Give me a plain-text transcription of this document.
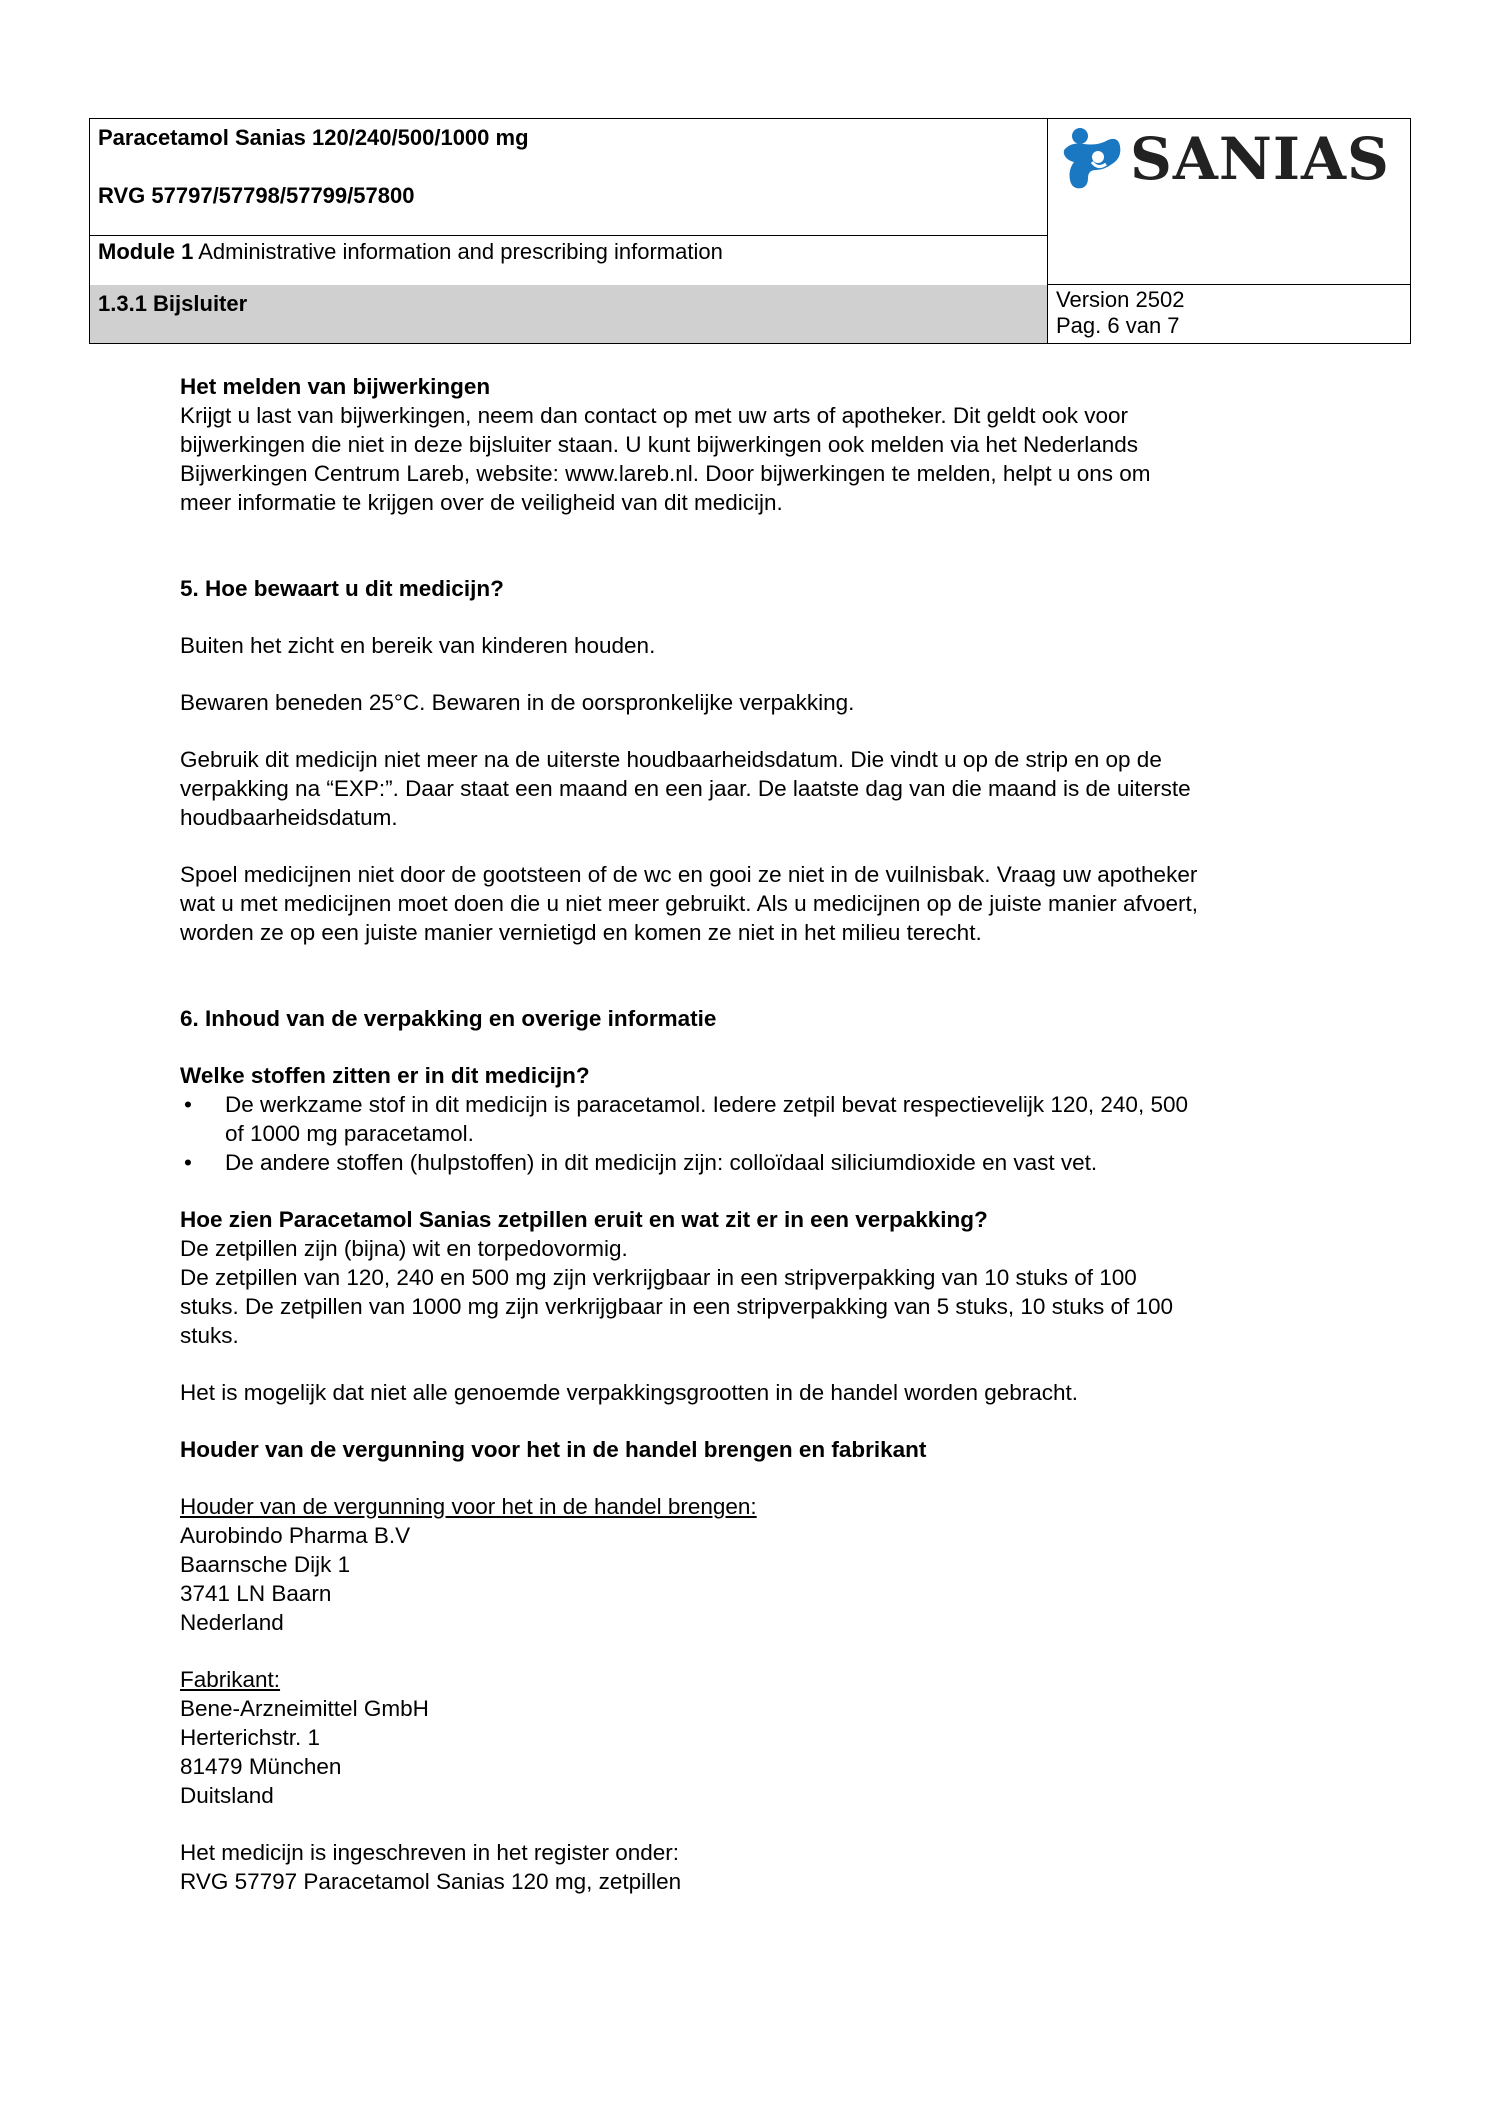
Paracetamol Sanias 120/240/500/1000 mg
RVG 57797/57798/57799/57800
Module 1 Administrative information and prescribing information
SANIAS
1.3.1 Bijsluiter	Version 2502
Pag. 6 van 7

Het melden van bijwerkingen

Krijgt u last van bijwerkingen, neem dan contact op met uw arts of apotheker. Dit geldt ook voor

bijwerkingen die niet in deze bijsluiter staan. U kunt bijwerkingen ook melden via het Nederlands

Bijwerkingen Centrum Lareb, website: www.lareb.nl. Door bijwerkingen te melden, helpt u ons om

meer informatie te krijgen over de veiligheid van dit medicijn.

5. Hoe bewaart u dit medicijn?

Buiten het zicht en bereik van kinderen houden.

Bewaren beneden 25°C. Bewaren in de oorspronkelijke verpakking.

Gebruik dit medicijn niet meer na de uiterste houdbaarheidsdatum. Die vindt u op de strip en op de

verpakking na “EXP:”. Daar staat een maand en een jaar. De laatste dag van die maand is de uiterste

houdbaarheidsdatum.

Spoel medicijnen niet door de gootsteen of de wc en gooi ze niet in de vuilnisbak. Vraag uw apotheker

wat u met medicijnen moet doen die u niet meer gebruikt. Als u medicijnen op de juiste manier afvoert,

worden ze op een juiste manier vernietigd en komen ze niet in het milieu terecht.

6. Inhoud van de verpakking en overige informatie

Welke stoffen zitten er in dit medicijn?

• De werkzame stof in dit medicijn is paracetamol. Iedere zetpil bevat respectievelijk 120, 240, 500
of 1000 mg paracetamol.
• De andere stoffen (hulpstoffen) in dit medicijn zijn: colloïdaal siliciumdioxide en vast vet.

Hoe zien Paracetamol Sanias zetpillen eruit en wat zit er in een verpakking?

De zetpillen zijn (bijna) wit en torpedovormig.

De zetpillen van 120, 240 en 500 mg zijn verkrijgbaar in een stripverpakking van 10 stuks of 100

stuks. De zetpillen van 1000 mg zijn verkrijgbaar in een stripverpakking van 5 stuks, 10 stuks of 100

stuks.

Het is mogelijk dat niet alle genoemde verpakkingsgrootten in de handel worden gebracht.

Houder van de vergunning voor het in de handel brengen en fabrikant

Houder van de vergunning voor het in de handel brengen:

Aurobindo Pharma B.V

Baarnsche Dijk 1

3741 LN Baarn

Nederland

Fabrikant:

Bene-Arzneimittel GmbH

Herterichstr. 1

81479 München

Duitsland

Het medicijn is ingeschreven in het register onder:

RVG 57797 Paracetamol Sanias 120 mg, zetpillen
